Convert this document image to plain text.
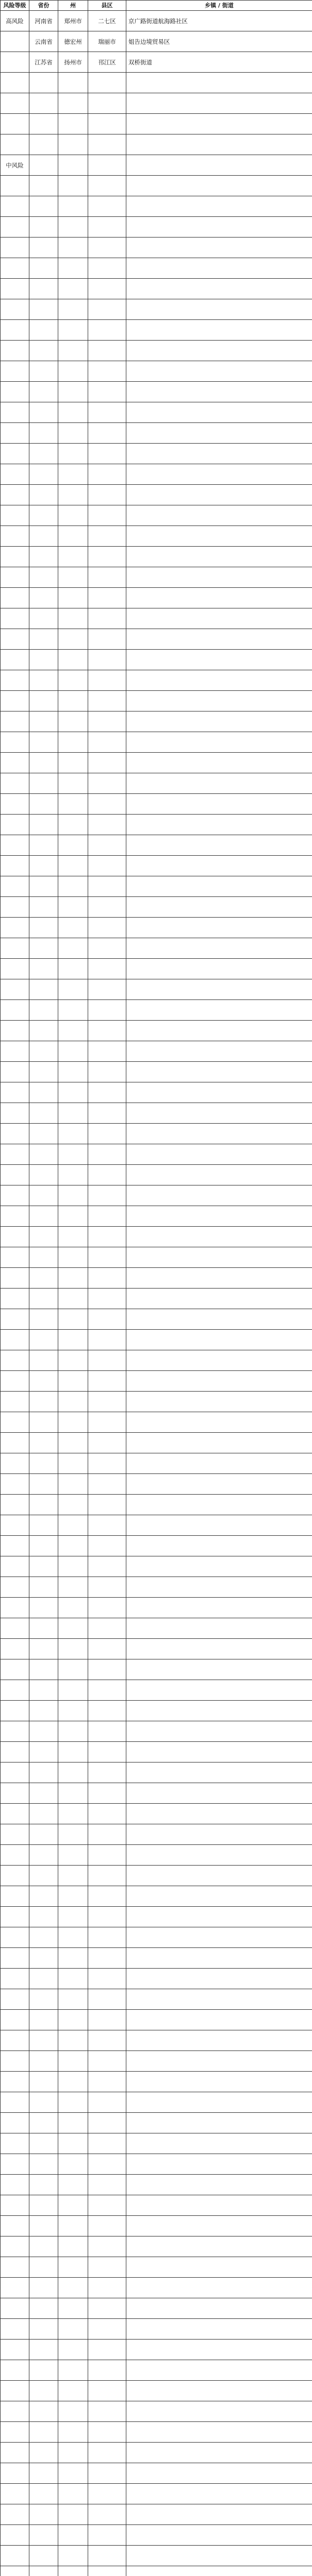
风险等级	省份	州	县区	乡镇 / 街道
高风险	河南省	郑州市	二七区	京广路街道航海路社区
	云南省	德宏州	瑞丽市	姐告边境贸易区
	江苏省	扬州市	邗江区	双桥街道

中风险				
